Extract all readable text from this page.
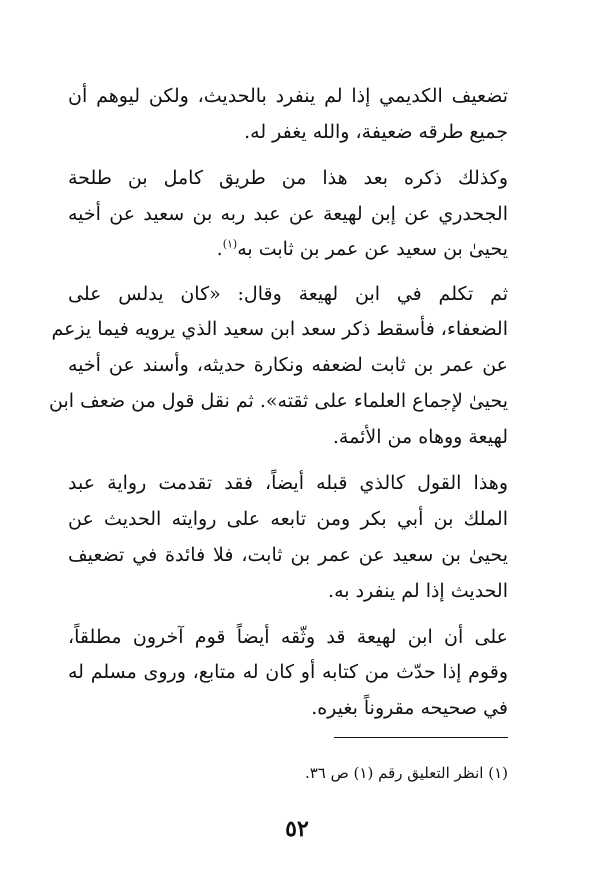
تضعيف الكديمي إذا لم ينفرد بالحديث، ولكن ليوهم أن
جميع طرقه ضعيفة، والله يغفر له.
وكذلك ذكره بعد هذا من طريق كامل بن طلحة
الجحدري عن إبن لهيعة عن عبد ربه بن سعيد عن أخيه
يحيىٰ بن سعيد عن عمر بن ثابت به$^{(١)}$.
ثم تكلم في ابن لهيعة وقال: «كان يدلس على
الضعفاء، فأسقط ذكر سعد ابن سعيد الذي يرويه فيما يزعم
عن عمر بن ثابت لضعفه ونكارة حديثه، وأسند عن أخيه
يحيىٰ لإجماع العلماء على ثقته». ثم نقل قول من ضعف ابن
لهيعة ووهاه من الأئمة.
وهذا القول كالذي قبله أيضاً، فقد تقدمت رواية عبد
الملك بن أبي بكر ومن تابعه على روايته الحديث عن
يحيىٰ بن سعيد عن عمر بن ثابت، فلا فائدة في تضعيف
الحديث إذا لم ينفرد به.
على أن ابن لهيعة قد وثّقه أيضاً قوم آخرون مطلقاً،
وقوم إذا حدّث من كتابه أو كان له متابع، وروى مسلم له
في صحيحه مقروناً بغيره.
(١) انظر التعليق رقم (١) ص ٣٦.
٥٢
